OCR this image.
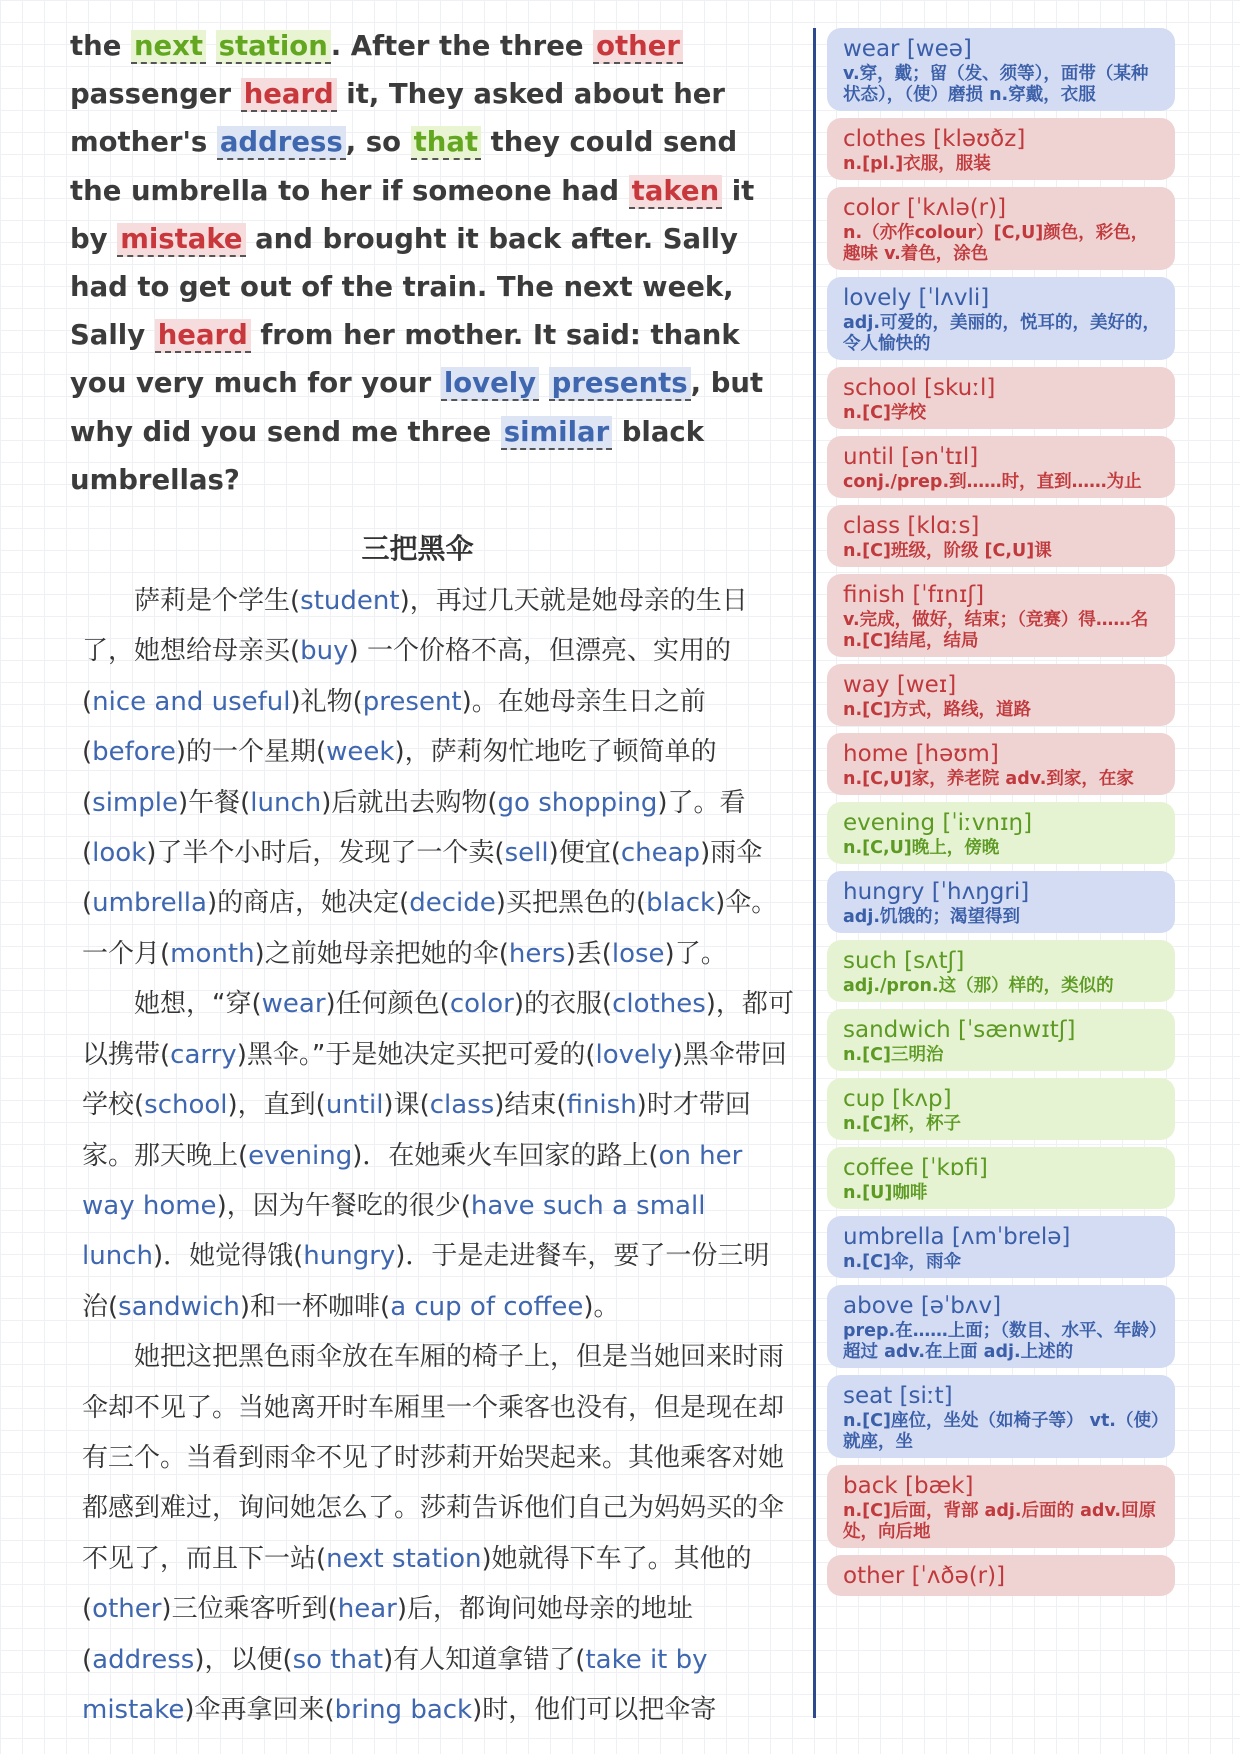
the next station . After the three other passenger heard it, They asked about her mother's address , so that they could send the umbrella to her if someone had taken it by mistake and brought it back after. Sally had to get out of the train. The next week, Sally heard from her mother. It said: thank you very much for your lovely presents , but why did you send me three similar black umbrellas?

三把黑伞

萨莉是个学生(student)，再过几天就是她母亲的生日了，她想给母亲买(buy) 一个价格不高，但漂亮、实用的(nice and useful)礼物(present)。在她母亲生日之前(before)的一个星期(week)，萨莉匆忙地吃了顿简单的(simple)午餐(lunch)后就出去购物(go shopping)了。看(look)了半个小时后，发现了一个卖(sell)便宜(cheap)雨伞(umbrella)的商店，她决定(decide)买把黑色的(black)伞。一个月(month)之前她母亲把她的伞(hers)丢(lose)了。

她想，“穿(wear)任何颜色(color)的衣服(clothes)，都可以携带(carry)黑伞。”于是她决定买把可爱的(lovely)黑伞带回学校(school)，直到(until)课(class)结束(finish)时才带回家。那天晚上(evening)．在她乘火车回家的路上(on her way home)，因为午餐吃的很少(have such a small lunch)．她觉得饿(hungry)．于是走进餐车，要了一份三明治(sandwich)和一杯咖啡(a cup of coffee)。

她把这把黑色雨伞放在车厢的椅子上，但是当她回来时雨伞却不见了。当她离开时车厢里一个乘客也没有，但是现在却有三个。当看到雨伞不见了时莎莉开始哭起来。其他乘客对她都感到难过，询问她怎么了。莎莉告诉他们自己为妈妈买的伞不见了，而且下一站(next station)她就得下车了。其他的(other)三位乘客听到(hear)后，都询问她母亲的地址(address)，以便(so that)有人知道拿错了(take it by mistake)伞再拿回来(bring back)时，他们可以把伞寄

wear [weə]
v.穿，戴；留（发、须等），面带（某种状态），（使）磨损 n.穿戴，衣服
clothes [kləʊðz]
n.[pl.]衣服，服装
color [ˈkʌlə(r)]
n.（亦作colour）[C,U]颜色，彩色，趣味 v.着色，涂色
lovely [ˈlʌvli]
adj.可爱的，美丽的，悦耳的，美好的，令人愉快的
school [skuːl]
n.[C]学校
until [ənˈtɪl]
conj./prep.到……时，直到……为止
class [klɑːs]
n.[C]班级，阶级 [C,U]课
finish [ˈfɪnɪʃ]
v.完成，做好，结束；（竞赛）得……名 n.[C]结尾，结局
way [weɪ]
n.[C]方式，路线，道路
home [həʊm]
n.[C,U]家，养老院 adv.到家，在家
evening [ˈiːvnɪŋ]
n.[C,U]晚上，傍晚
hungry [ˈhʌŋgri]
adj.饥饿的；渴望得到
such [sʌtʃ]
adj./pron.这（那）样的，类似的
sandwich [ˈsænwɪtʃ]
n.[C]三明治
cup [kʌp]
n.[C]杯，杯子
coffee [ˈkɒfi]
n.[U]咖啡
umbrella [ʌmˈbrelə]
n.[C]伞，雨伞
above [əˈbʌv]
prep.在……上面；（数目、水平、年龄）超过 adv.在上面 adj.上述的
seat [siːt]
n.[C]座位，坐处（如椅子等） vt.（使）就座，坐
back [bæk]
n.[C]后面，背部 adj.后面的 adv.回原处，向后地
other [ˈʌðə(r)]
